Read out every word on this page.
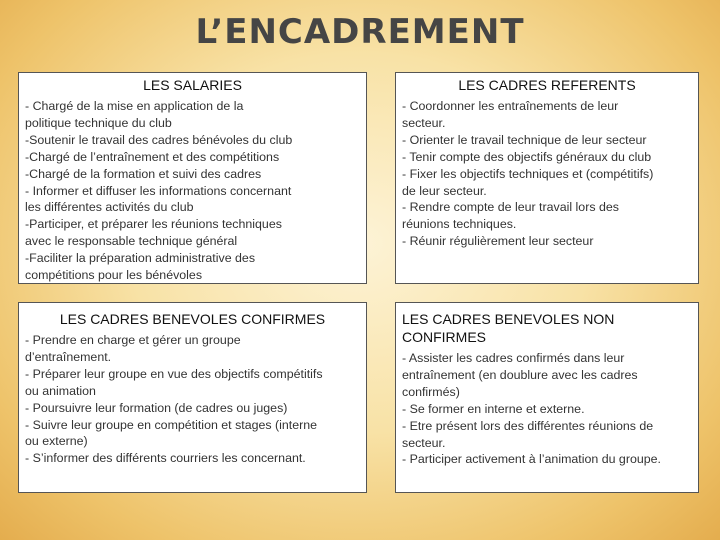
L’ENCADREMENT
LES SALARIES

- Chargé de la mise en application de la
politique technique du club
-Soutenir le travail des cadres bénévoles du club
-Chargé de l’entraînement et des compétitions
-Chargé de la formation et suivi des cadres
- Informer et diffuser les informations concernant
les différentes activités du club
-Participer, et préparer les réunions techniques
avec le responsable technique général
-Faciliter la préparation administrative des
compétitions pour les bénévoles

LES CADRES REFERENTS

- Coordonner les entraînements de leur
secteur.
- Orienter le travail technique de leur secteur
- Tenir compte des objectifs généraux du club
- Fixer les objectifs techniques et (compétitifs)
de leur secteur.
- Rendre compte de leur travail lors des
réunions techniques.
- Réunir régulièrement leur secteur

LES CADRES BENEVOLES CONFIRMES

- Prendre en charge et gérer un groupe
d’entraînement.
- Préparer leur groupe en vue des objectifs compétitifs
ou animation
- Poursuivre leur formation (de cadres ou juges)
- Suivre leur groupe en compétition et stages (interne
ou externe)
- S’informer des différents courriers les concernant.

LES CADRES BENEVOLES NON
CONFIRMES

- Assister les cadres confirmés dans leur
entraînement (en doublure avec les cadres
confirmés)
- Se former en interne et externe.
- Etre présent lors des différentes réunions de
secteur.
- Participer activement à l’animation du groupe.
